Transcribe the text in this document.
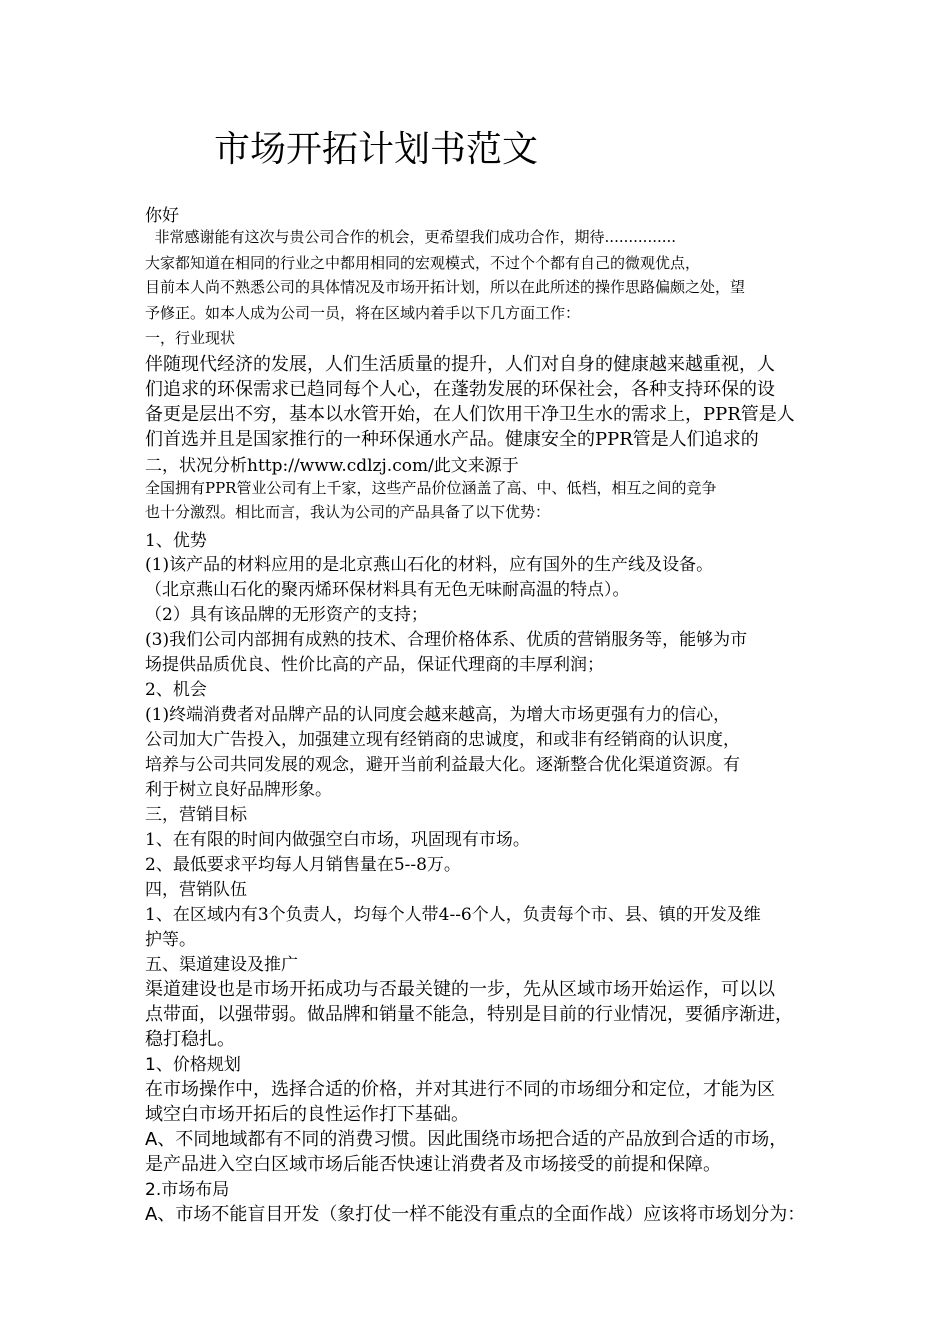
市场开拓计划书范文
你好
非常感谢能有这次与贵公司合作的机会，更希望我们成功合作，期待...............
大家都知道在相同的行业之中都用相同的宏观模式，不过个个都有自己的微观优点，
目前本人尚不熟悉公司的具体情况及市场开拓计划，所以在此所述的操作思路偏颇之处，望
予修正。如本人成为公司一员，将在区域内着手以下几方面工作：
一，行业现状
伴随现代经济的发展，人们生活质量的提升，人们对自身的健康越来越重视，人
们追求的环保需求已趋同每个人心，在蓬勃发展的环保社会，各种支持环保的设
备更是层出不穷，基本以水管开始，在人们饮用干净卫生水的需求上，PPR管是人
们首选并且是国家推行的一种环保通水产品。健康安全的PPR管是人们追求的
二，状况分析http://www.cdlzj.com/此文来源于
全国拥有PPR管业公司有上千家，这些产品价位涵盖了高、中、低档，相互之间的竞争
也十分激烈。相比而言，我认为公司的产品具备了以下优势：
1、优势
(1)该产品的材料应用的是北京燕山石化的材料，应有国外的生产线及设备。
（北京燕山石化的聚丙烯环保材料具有无色无味耐高温的特点）。
（2）具有该品牌的无形资产的支持；
(3)我们公司内部拥有成熟的技术、合理价格体系、优质的营销服务等，能够为市
场提供品质优良、性价比高的产品，保证代理商的丰厚利润；
2、机会
(1)终端消费者对品牌产品的认同度会越来越高，为增大市场更强有力的信心，
公司加大广告投入，加强建立现有经销商的忠诚度，和或非有经销商的认识度，
培养与公司共同发展的观念，避开当前利益最大化。逐渐整合优化渠道资源。有
利于树立良好品牌形象。
三，营销目标
1、在有限的时间内做强空白市场，巩固现有市场。
2、最低要求平均每人月销售量在5--8万。
四，营销队伍
1、在区域内有3个负责人，均每个人带4--6个人，负责每个市、县、镇的开发及维
护等。
五、渠道建设及推广
渠道建设也是市场开拓成功与否最关键的一步，先从区域市场开始运作，可以以
点带面，以强带弱。做品牌和销量不能急，特别是目前的行业情况，要循序渐进，
稳打稳扎。
1、价格规划
在市场操作中，选择合适的价格，并对其进行不同的市场细分和定位，才能为区
域空白市场开拓后的良性运作打下基础。
A、不同地域都有不同的消费习惯。因此围绕市场把合适的产品放到合适的市场，
是产品进入空白区域市场后能否快速让消费者及市场接受的前提和保障。
2.市场布局
A、市场不能盲目开发（象打仗一样不能没有重点的全面作战）应该将市场划分为：
